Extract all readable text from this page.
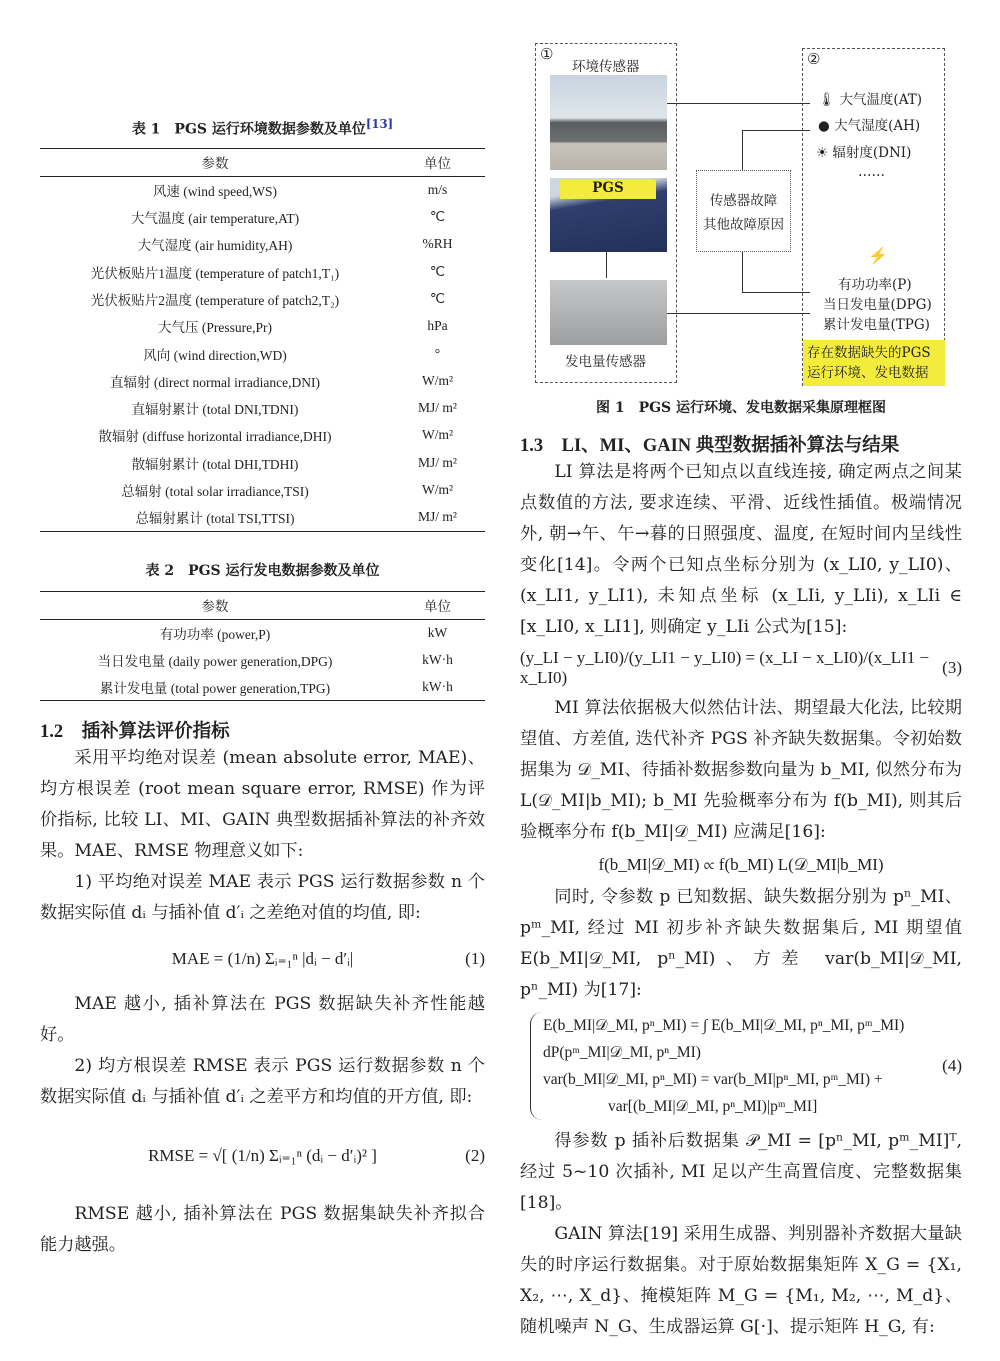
表 1　PGS 运行环境数据参数及单位[13]
参数	单位
风速 (wind speed,WS)	m/s
大气温度 (air temperature,AT)	℃
大气湿度 (air humidity,AH)	%RH
光伏板贴片1温度 (temperature of patch1,T₁)	℃
光伏板贴片2温度 (temperature of patch2,T₂)	℃
大气压 (Pressure,Pr)	hPa
风向 (wind direction,WD)	°
直辐射 (direct normal irradiance,DNI)	W/m²
直辐射累计 (total DNI,TDNI)	MJ/ m²
散辐射 (diffuse horizontal irradiance,DHI)	W/m²
散辐射累计 (total DHI,TDHI)	MJ/ m²
总辐射 (total solar irradiance,TSI)	W/m²
总辐射累计 (total TSI,TTSI)	MJ/ m²
表 2　PGS 运行发电数据参数及单位
参数	单位
有功功率 (power,P)	kW
当日发电量 (daily power generation,DPG)	kW·h
累计发电量 (total power generation,TPG)	kW·h
1.2　插补算法评价指标

采用平均绝对误差 (mean absolute error, MAE)、均方根误差 (root mean square error, RMSE) 作为评价指标, 比较 LI、MI、GAIN 典型数据插补算法的补齐效果。MAE、RMSE 物理意义如下:

1) 平均绝对误差 MAE 表示 PGS 运行数据参数 n 个数据实际值 dᵢ 与插补值 d′ᵢ 之差绝对值的均值, 即:

MAE = (1/n) Σᵢ₌₁ⁿ |dᵢ − d′ᵢ|	(1)

MAE 越小, 插补算法在 PGS 数据缺失补齐性能越好。

2) 均方根误差 RMSE 表示 PGS 运行数据参数 n 个数据实际值 dᵢ 与插补值 d′ᵢ 之差平方和均值的开方值, 即:

RMSE = √[ (1/n) Σᵢ₌₁ⁿ (dᵢ − d′ᵢ)² ]	(2)

RMSE 越小, 插补算法在 PGS 数据集缺失补齐拟合能力越强。

①
环境传感器
PGS
发电量传感器
②
🌡 大气温度(AT)
● 大气湿度(AH)
☀ 辐射度(DNI)
……
⚡
有功功率(P)
当日发电量(DPG)
累计发电量(TPG)
存在数据缺失的PGS
运行环境、发电数据
传感器故障
其他故障原因
图 1　PGS 运行环境、发电数据采集原理框图
1.3　LI、MI、GAIN 典型数据插补算法与结果

LI 算法是将两个已知点以直线连接, 确定两点之间某点数值的方法, 要求连续、平滑、近线性插值。极端情况外, 朝→午、午→暮的日照强度、温度, 在短时间内呈线性变化[14]。令两个已知点坐标分别为 (x_LI0, y_LI0)、(x_LI1, y_LI1), 未知点坐标 (x_LIi, y_LIi), x_LIi ∈ [x_LI0, x_LI1], 则确定 y_LIi 公式为[15]:

(y_LI − y_LI0)/(y_LI1 − y_LI0) = (x_LI − x_LI0)/(x_LI1 − x_LI0)
(3)

MI 算法依据极大似然估计法、期望最大化法, 比较期望值、方差值, 迭代补齐 PGS 补齐缺失数据集。令初始数据集为 𝒟_MI、待插补数据参数向量为 b_MI, 似然分布为 L(𝒟_MI|b_MI); b_MI 先验概率分布为 f(b_MI), 则其后验概率分布 f(b_MI|𝒟_MI) 应满足[16]:

f(b_MI|𝒟_MI) ∝ f(b_MI) L(𝒟_MI|b_MI)

同时, 令参数 p 已知数据、缺失数据分别为 pⁿ_MI、pᵐ_MI, 经过 MI 初步补齐缺失数据集后, MI 期望值 E(b_MI|𝒟_MI, pⁿ_MI)、方差 var(b_MI|𝒟_MI, pⁿ_MI) 为[17]:

E(b_MI|𝒟_MI, pⁿ_MI) = ∫ E(b_MI|𝒟_MI, pⁿ_MI, pᵐ_MI)
dP(pᵐ_MI|𝒟_MI, pⁿ_MI)
var(b_MI|𝒟_MI, pⁿ_MI) = var(b_MI|pⁿ_MI, pᵐ_MI) +
var[(b_MI|𝒟_MI, pⁿ_MI)|pᵐ_MI]
(4)

得参数 p 插补后数据集 𝒫_MI = [pⁿ_MI, pᵐ_MI]ᵀ, 经过 5~10 次插补, MI 足以产生高置信度、完整数据集[18]。

GAIN 算法[19] 采用生成器、判别器补齐数据大量缺失的时序运行数据集。对于原始数据集矩阵 X_G = {X₁, X₂, ⋯, X_d}、掩模矩阵 M_G = {M₁, M₂, ⋯, M_d}、随机噪声 N_G、生成器运算 G[·]、提示矩阵 H_G, 有:
